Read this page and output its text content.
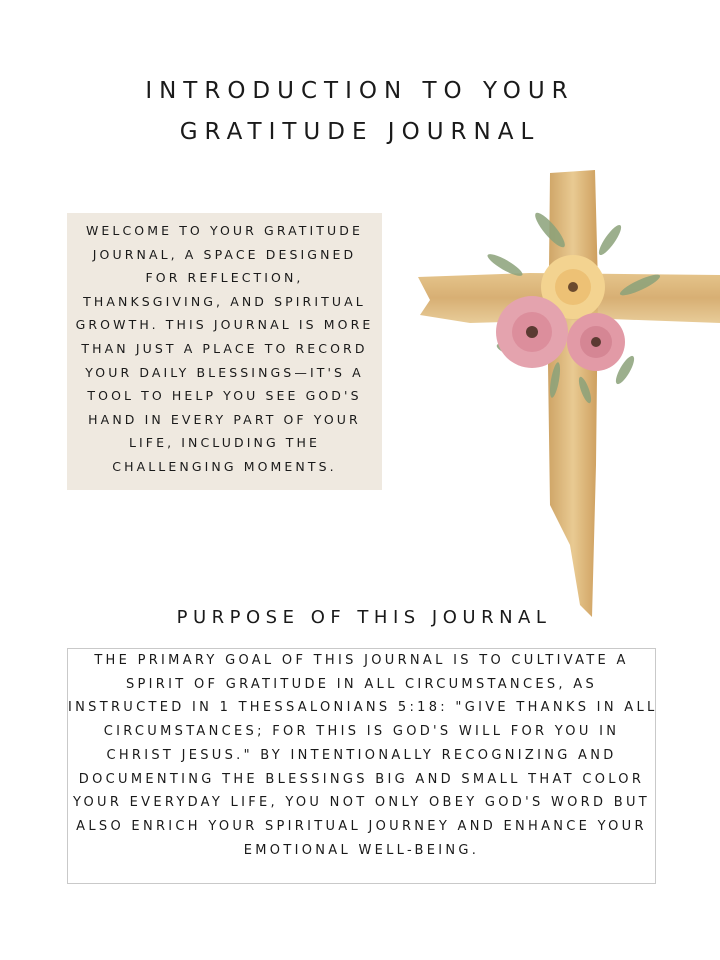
INTRODUCTION TO YOUR
GRATITUDE JOURNAL
WELCOME TO YOUR GRATITUDE
JOURNAL, A SPACE DESIGNED
FOR REFLECTION,
THANKSGIVING, AND SPIRITUAL
GROWTH. THIS JOURNAL IS MORE
THAN JUST A PLACE TO RECORD
YOUR DAILY BLESSINGS—IT'S A
TOOL TO HELP YOU SEE GOD'S
HAND IN EVERY PART OF YOUR
LIFE, INCLUDING THE
CHALLENGING MOMENTS.
PURPOSE OF THIS JOURNAL
THE PRIMARY GOAL OF THIS JOURNAL IS TO CULTIVATE A
SPIRIT OF GRATITUDE IN ALL CIRCUMSTANCES, AS
INSTRUCTED IN 1 THESSALONIANS 5:18: "GIVE THANKS IN ALL
CIRCUMSTANCES; FOR THIS IS GOD'S WILL FOR YOU IN
CHRIST JESUS." BY INTENTIONALLY RECOGNIZING AND
DOCUMENTING THE BLESSINGS BIG AND SMALL THAT COLOR
YOUR EVERYDAY LIFE, YOU NOT ONLY OBEY GOD'S WORD BUT
ALSO ENRICH YOUR SPIRITUAL JOURNEY AND ENHANCE YOUR
EMOTIONAL WELL-BEING.
